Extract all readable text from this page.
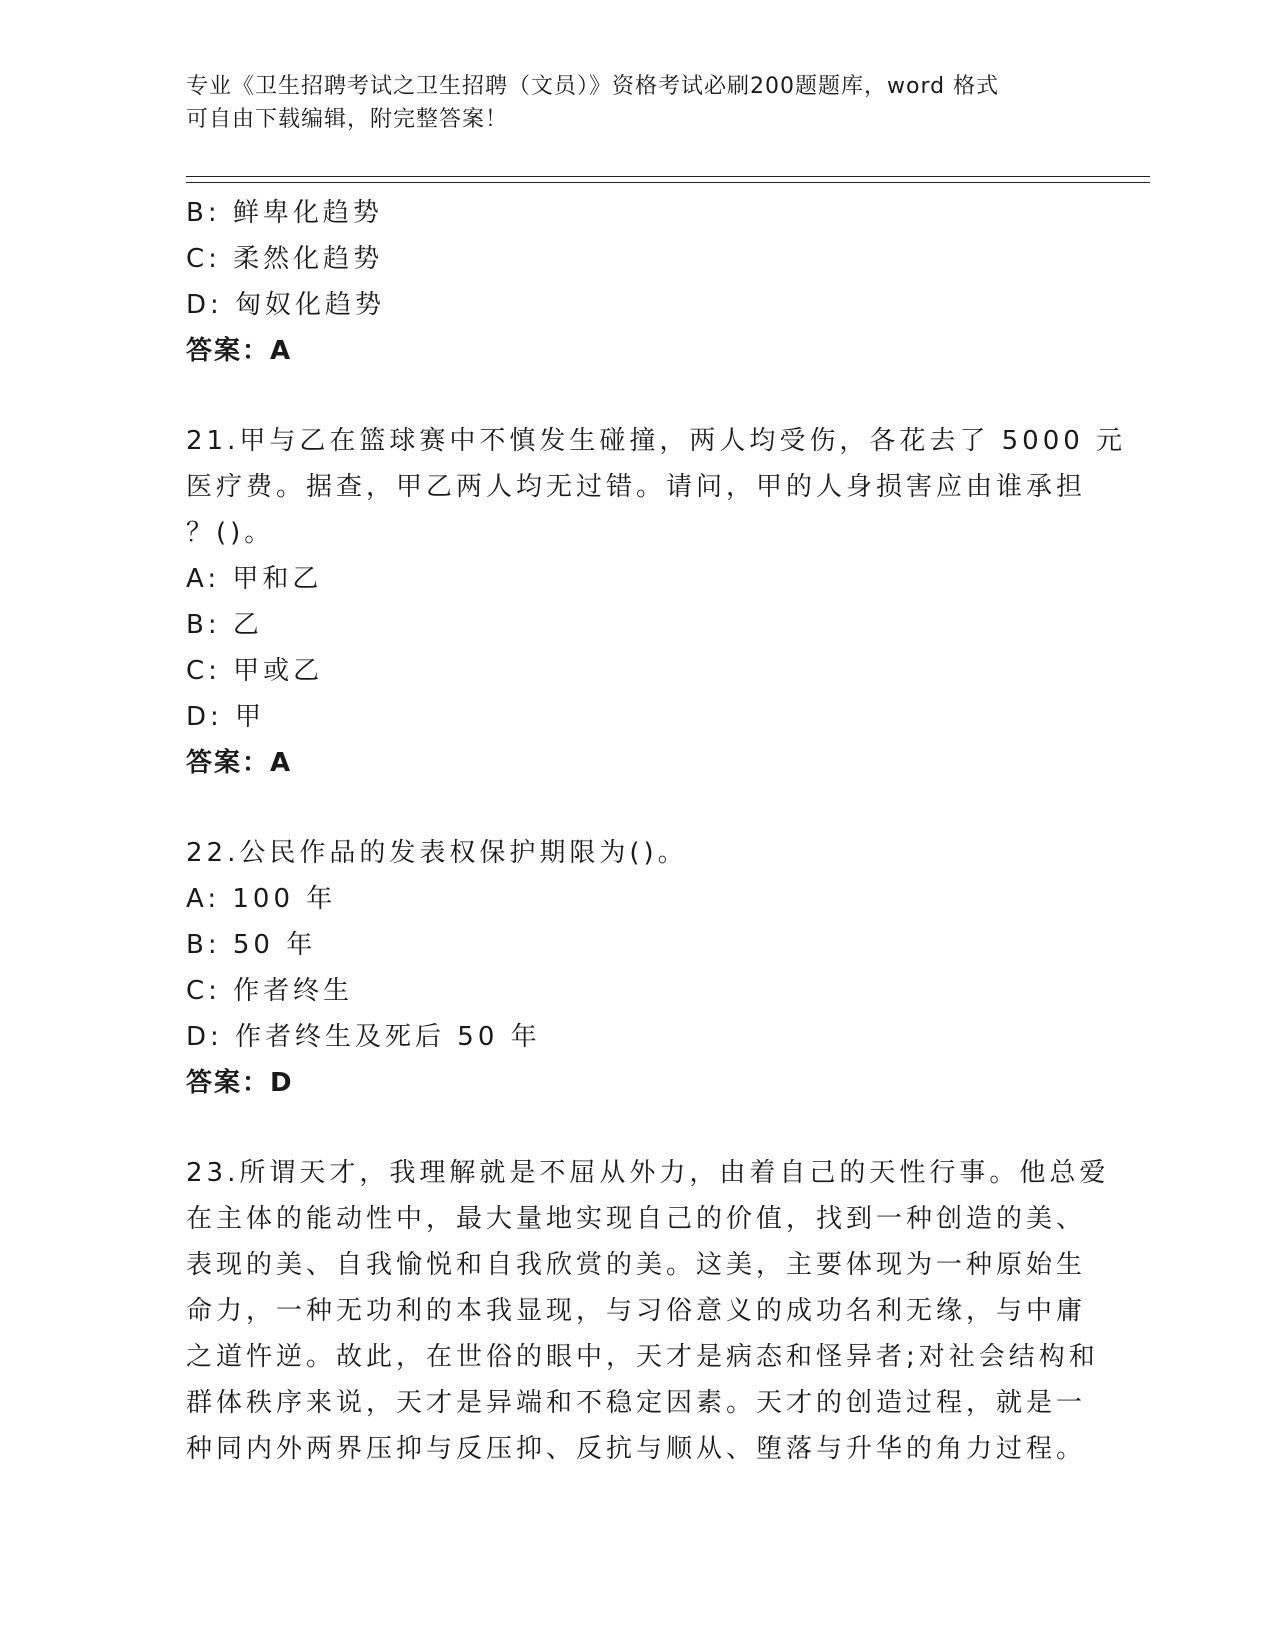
专业《卫生招聘考试之卫生招聘（文员）》资格考试必刷200题题库，word 格式
可自由下载编辑，附完整答案！
B: 鲜卑化趋势
C: 柔然化趋势
D: 匈奴化趋势
答案：A
21.甲与乙在篮球赛中不慎发生碰撞，两人均受伤，各花去了 5000 元
医疗费。据查，甲乙两人均无过错。请问，甲的人身损害应由谁承担
？()。
A: 甲和乙
B: 乙
C: 甲或乙
D: 甲
答案：A
22.公民作品的发表权保护期限为()。
A: 100 年
B: 50 年
C: 作者终生
D: 作者终生及死后 50 年
答案：D
23.所谓天才，我理解就是不屈从外力，由着自己的天性行事。他总爱
在主体的能动性中，最大量地实现自己的价值，找到一种创造的美、
表现的美、自我愉悦和自我欣赏的美。这美，主要体现为一种原始生
命力，一种无功利的本我显现，与习俗意义的成功名利无缘，与中庸
之道忤逆。故此，在世俗的眼中，天才是病态和怪异者;对社会结构和
群体秩序来说，天才是异端和不稳定因素。天才的创造过程，就是一
种同内外两界压抑与反压抑、反抗与顺从、堕落与升华的角力过程。
